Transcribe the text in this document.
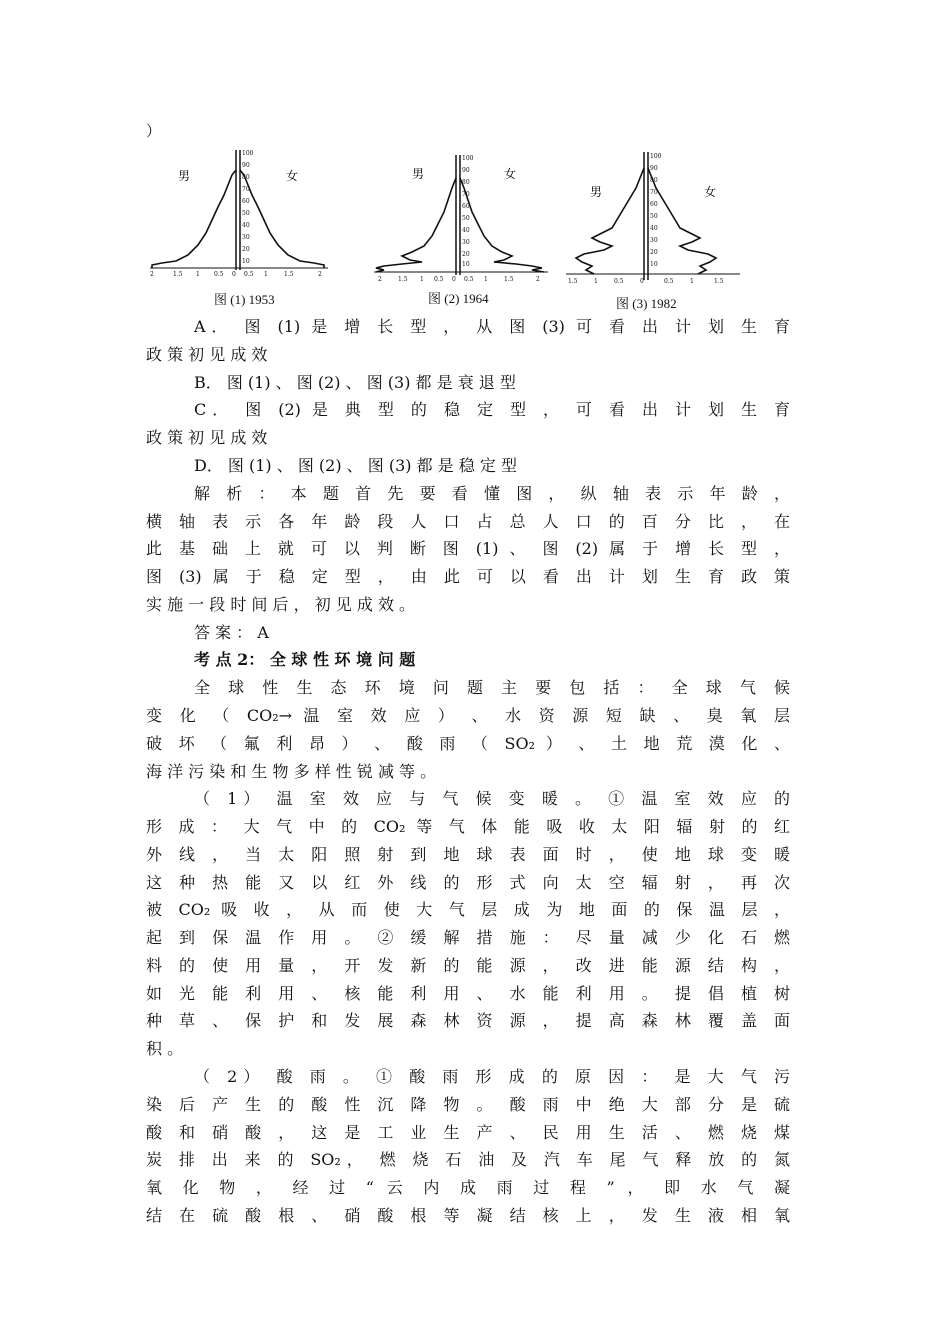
）
男	女
100
90
80
70
60
50
40
30
20
10
2	1.5 1 0.5 0 0.5 1	1.5	2
图 (1) 1953
男	女
100
90
80
70
60
50
40
30
20
10
2	1.5 1 0.5 0 0.5 1	1.5	2
图 (2) 1964
男	女
100
90
80
70
60
50
40
30
20
10
1.5	1	0.5	0	0.5	1	1.5
图 (3) 1982
A． 图 (1) 是 增 长 型 ， 从 图 (3) 可 看 出 计 划 生 育
政 策 初 见 成 效
B． 图 (1) 、 图 (2) 、 图 (3) 都 是 衰 退 型
C． 图 (2) 是 典 型 的 稳 定 型 ， 可 看 出 计 划 生 育
政 策 初 见 成 效
D． 图 (1) 、 图 (2) 、 图 (3) 都 是 稳 定 型
解 析 ： 本 题 首 先 要 看 懂 图 ， 纵 轴 表 示 年 龄 ，
横 轴 表 示 各 年 龄 段 人 口 占 总 人 口 的 百 分 比 ， 在
此 基 础 上 就 可 以 判 断 图 (1) 、 图 (2) 属 于 增 长 型 ，
图 (3) 属 于 稳 定 型 ， 由 此 可 以 看 出 计 划 生 育 政 策
实 施 一 段 时 间 后 ， 初 见 成 效 。
答 案 ： A
考 点 2： 全 球 性 环 境 问 题
全 球 性 生 态 环 境 问 题 主 要 包 括 ： 全 球 气 候
变 化 （ CO₂→ 温 室 效 应 ） 、 水 资 源 短 缺 、 臭 氧 层
破 坏 （ 氟 利 昂 ） 、 酸 雨 （ SO₂ ） 、 土 地 荒 漠 化 、
海 洋 污 染 和 生 物 多 样 性 锐 减 等 。
（ 1） 温 室 效 应 与 气 候 变 暖 。 ① 温 室 效 应 的
形 成 ： 大 气 中 的 CO₂ 等 气 体 能 吸 收 太 阳 辐 射 的 红
外 线 ， 当 太 阳 照 射 到 地 球 表 面 时 ， 使 地 球 变 暖
这 种 热 能 又 以 红 外 线 的 形 式 向 太 空 辐 射 ， 再 次
被 CO₂ 吸 收 ， 从 而 使 大 气 层 成 为 地 面 的 保 温 层 ，
起 到 保 温 作 用 。 ② 缓 解 措 施 ： 尽 量 减 少 化 石 燃
料 的 使 用 量 ， 开 发 新 的 能 源 ， 改 进 能 源 结 构 ，
如 光 能 利 用 、 核 能 利 用 、 水 能 利 用 。 提 倡 植 树
种 草 、 保 护 和 发 展 森 林 资 源 ， 提 高 森 林 覆 盖 面
积 。
（ 2） 酸 雨 。 ① 酸 雨 形 成 的 原 因 ： 是 大 气 污
染 后 产 生 的 酸 性 沉 降 物 。 酸 雨 中 绝 大 部 分 是 硫
酸 和 硝 酸 ， 这 是 工 业 生 产 、 民 用 生 活 、 燃 烧 煤
炭 排 出 来 的 SO₂， 燃 烧 石 油 及 汽 车 尾 气 释 放 的 氮
氧 化 物 ， 经 过 “ 云 内 成 雨 过 程 ” ， 即 水 气 凝
结 在 硫 酸 根 、 硝 酸 根 等 凝 结 核 上 ， 发 生 液 相 氧
